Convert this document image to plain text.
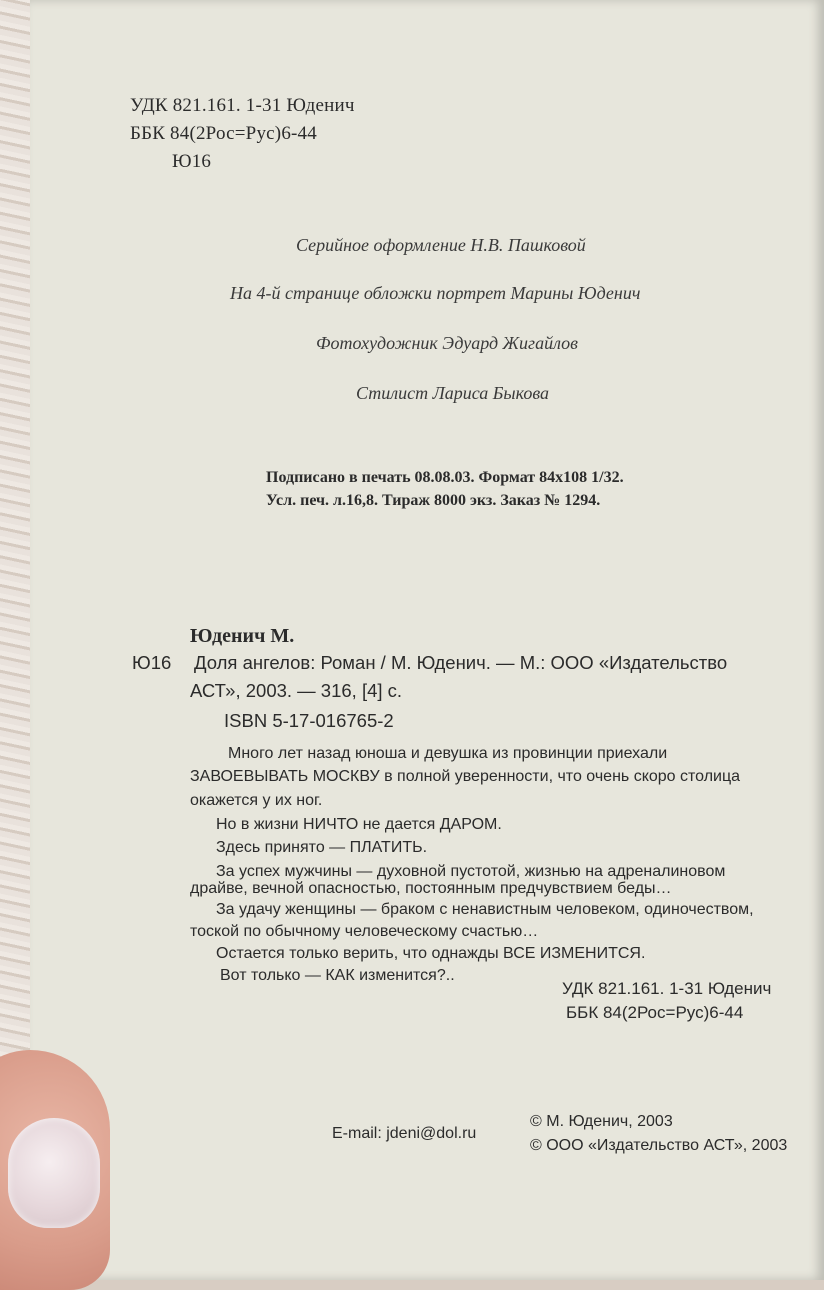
УДК 821.161. 1-31 Юденич
ББК 84(2Рос=Рус)6-44
Ю16
Серийное оформление Н.В. Пашковой
На 4-й странице обложки портрет Марины Юденич
Фотохудожник Эдуард Жигайлов
Стилист Лариса Быкова
Подписано в печать 08.08.03. Формат 84х108 1/32.
Усл. печ. л.16,8. Тираж 8000 экз. Заказ № 1294.
Юденич М.
Ю16 Доля ангелов: Роман / М. Юденич. — М.: ООО «Издательство
АСТ», 2003. — 316, [4] с.
ISBN 5-17-016765-2
Много лет назад юноша и девушка из провинции приехали
ЗАВОЕВЫВАТЬ МОСКВУ в полной уверенности, что очень скоро столица
окажется у их ног.
Но в жизни НИЧТО не дается ДАРОМ.
Здесь принято — ПЛАТИТЬ.
За успех мужчины — духовной пустотой, жизнью на адреналиновом
драйве, вечной опасностью, постоянным предчувствием беды…
За удачу женщины — браком с ненавистным человеком, одиночеством,
тоской по обычному человеческому счастью…
Остается только верить, что однажды ВСЕ ИЗМЕНИТСЯ.
Вот только — КАК изменится?..
УДК 821.161. 1-31 Юденич
ББК 84(2Рос=Рус)6-44
E-mail: jdeni@dol.ru
© М. Юденич, 2003
© ООО «Издательство АСТ», 2003
